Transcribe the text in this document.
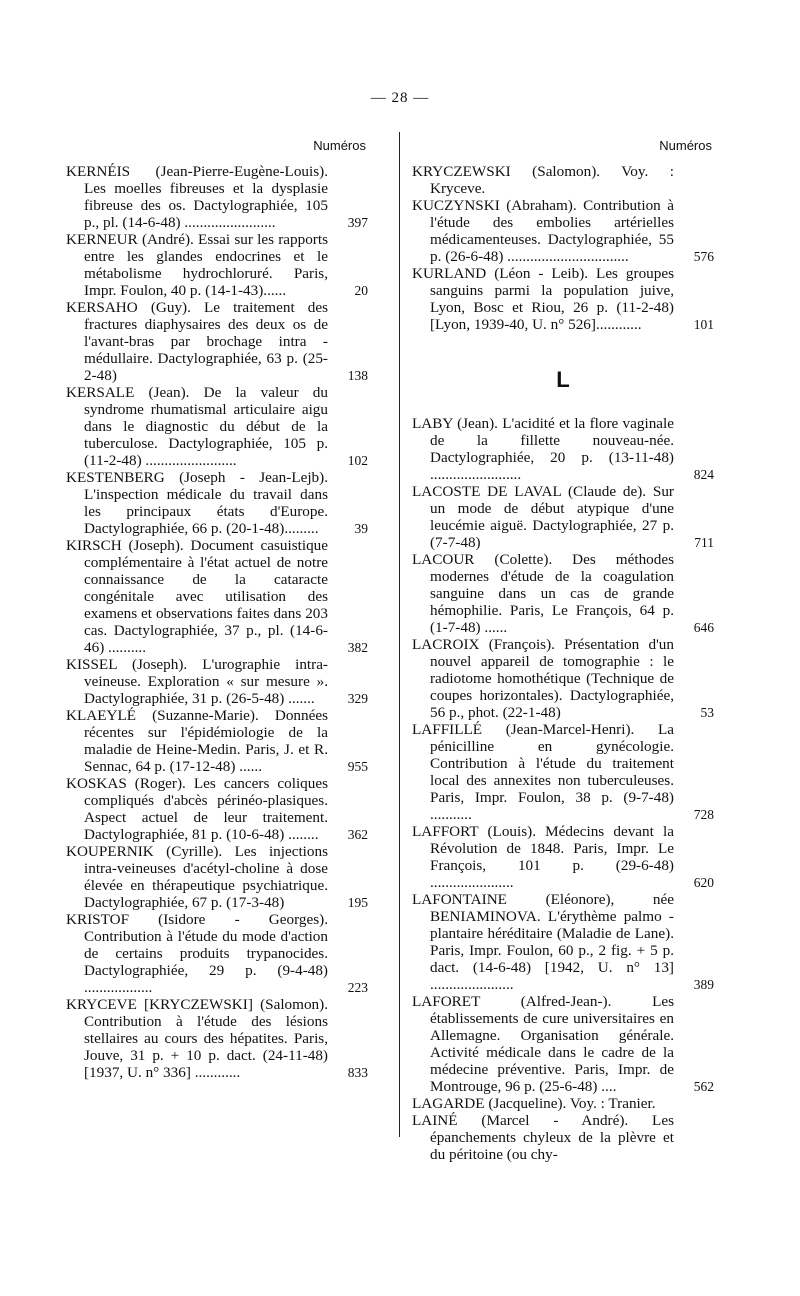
— 28 —
Numéros

KERNÉIS (Jean-Pierre-Eugène-Louis). Les moelles fibreuses et la dysplasie fibreuse des os. Dactylographiée, 105 p., pl. (14-6-48) ........................	397

KERNEUR (André). Essai sur les rapports entre les glandes endocrines et le métabolisme hydrochloruré. Paris, Impr. Foulon, 40 p. (14-1-43)......	20

KERSAHO (Guy). Le traitement des fractures diaphysaires des deux os de l'avant-bras par brochage intra - médullaire. Dactylographiée, 63 p. (25-2-48)	138

KERSALE (Jean). De la valeur du syndrome rhumatismal articulaire aigu dans le diagnostic du début de la tuberculose. Dactylographiée, 105 p. (11-2-48) ........................	102

KESTENBERG (Joseph - Jean-Lejb). L'inspection médicale du travail dans les principaux états d'Europe. Dactylographiée, 66 p. (20-1-48).........	39

KIRSCH (Joseph). Document casuistique complémentaire à l'état actuel de notre connaissance de la cataracte congénitale avec utilisation des examens et observations faites dans 203 cas. Dactylographiée, 37 p., pl. (14-6-46) ..........	382

KISSEL (Joseph). L'urographie intra-veineuse. Exploration « sur mesure ». Dactylographiée, 31 p. (26-5-48) ....... 329

KLAEYLÉ (Suzanne-Marie). Données récentes sur l'épidémiologie de la maladie de Heine-Medin. Paris, J. et R. Sennac, 64 p. (17-12-48) ......	955

KOSKAS (Roger). Les cancers coliques compliqués d'abcès périnéo-plasiques. Aspect actuel de leur traitement. Dactylographiée, 81 p. (10-6-48) ........ 362

KOUPERNIK (Cyrille). Les injections intra-veineuses d'acétyl-choline à dose élevée en thérapeutique psychiatrique. Dactylographiée, 67 p. (17-3-48)	195

KRISTOF (Isidore - Georges). Contribution à l'étude du mode d'action de certains produits trypanocides. Dactylographiée, 29 p. (9-4-48) ..................	223

KRYCEVE [KRYCZEWSKI] (Salomon). Contribution à l'étude des lésions stellaires au cours des hépatites. Paris, Jouve, 31 p. + 10 p. dact. (24-11-48) [1937, U. n° 336] ............	833

Numéros

KRYCZEWSKI (Salomon). Voy. : Kryceve.

KUCZYNSKI (Abraham). Contribution à l'étude des embolies artérielles médicamenteuses. Dactylographiée, 55 p. (26-6-48) ................................	576

KURLAND (Léon - Leib). Les groupes sanguins parmi la population juive, Lyon, Bosc et Riou, 26 p. (11-2-48) [Lyon, 1939-40, U. n° 526]............	101

L

LABY (Jean). L'acidité et la flore vaginale de la fillette nouveau-née. Dactylographiée, 20 p. (13-11-48) ........................	824

LACOSTE DE LAVAL (Claude de). Sur un mode de début atypique d'une leucémie aiguë. Dactylographiée, 27 p. (7-7-48)	711

LACOUR (Colette). Des méthodes modernes d'étude de la coagulation sanguine dans un cas de grande hémophilie. Paris, Le François, 64 p. (1-7-48) ......	646

LACROIX (François). Présentation d'un nouvel appareil de tomographie : le radiotome homothétique (Technique de coupes horizontales). Dactylographiée, 56 p., phot. (22-1-48)	53

LAFFILLÉ (Jean-Marcel-Henri). La pénicilline en gynécologie. Contribution à l'étude du traitement local des annexites non tuberculeuses. Paris, Impr. Foulon, 38 p. (9-7-48) ...........	728

LAFFORT (Louis). Médecins devant la Révolution de 1848. Paris, Impr. Le François, 101 p. (29-6-48) ......................	620

LAFONTAINE (Eléonore), née BENIAMINOVA. L'érythème palmo - plantaire héréditaire (Maladie de Lane). Paris, Impr. Foulon, 60 p., 2 fig. + 5 p. dact. (14-6-48) [1942, U. n° 13] ......................	389

LAFORET (Alfred-Jean-). Les établissements de cure universitaires en Allemagne. Organisation générale. Activité médicale dans le cadre de la médecine préventive. Paris, Impr. de Montrouge, 96 p. (25-6-48) ....	562

LAGARDE (Jacqueline). Voy. : Tranier.

LAINÉ (Marcel - André). Les épanchements chyleux de la plèvre et du péritoine (ou chy-
